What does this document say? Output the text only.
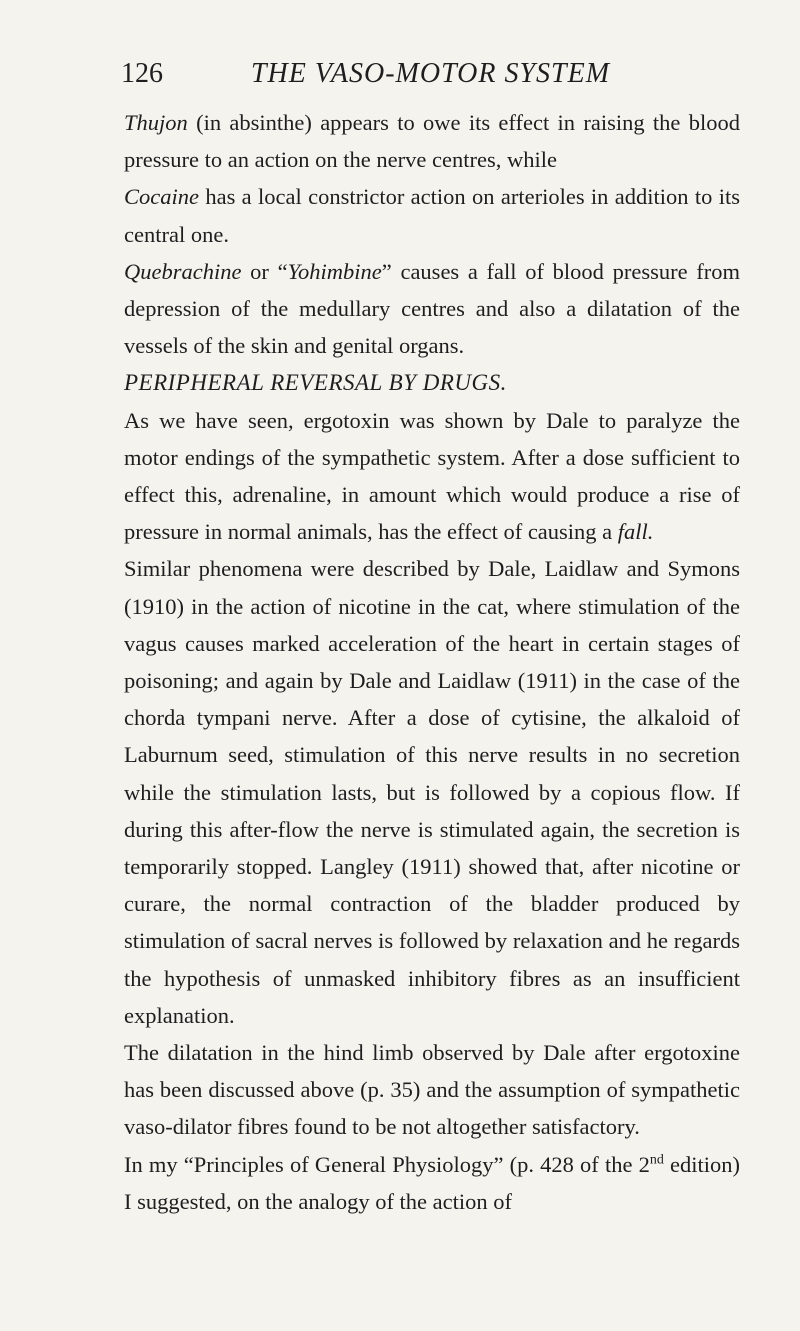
126	THE VASO-MOTOR SYSTEM

Thujon (in absinthe) appears to owe its effect in raising the blood pressure to an action on the nerve centres, while

Cocaine has a local constrictor action on arterioles in addition to its central one.

Quebrachine or “Yohimbine” causes a fall of blood pressure from depression of the medullary centres and also a dilatation of the vessels of the skin and genital organs.

PERIPHERAL REVERSAL BY DRUGS.

As we have seen, ergotoxin was shown by Dale to paralyze the motor endings of the sympathetic system. After a dose sufficient to effect this, adrenaline, in amount which would produce a rise of pressure in normal animals, has the effect of causing a fall.

Similar phenomena were described by Dale, Laidlaw and Symons (1910) in the action of nicotine in the cat, where stimulation of the vagus causes marked acceleration of the heart in certain stages of poisoning; and again by Dale and Laidlaw (1911) in the case of the chorda tympani nerve. After a dose of cytisine, the alkaloid of Laburnum seed, stimulation of this nerve results in no secretion while the stimulation lasts, but is followed by a copious flow. If during this after-flow the nerve is stimulated again, the secretion is temporarily stopped. Langley (1911) showed that, after nicotine or curare, the normal contraction of the bladder produced by stimulation of sacral nerves is followed by relaxation and he regards the hypothesis of unmasked inhibitory fibres as an insufficient explanation.

The dilatation in the hind limb observed by Dale after ergotoxine has been discussed above (p. 35) and the assumption of sympathetic vaso-dilator fibres found to be not altogether satisfactory.

In my “Principles of General Physiology” (p. 428 of the 2nd edition) I suggested, on the analogy of the action of
